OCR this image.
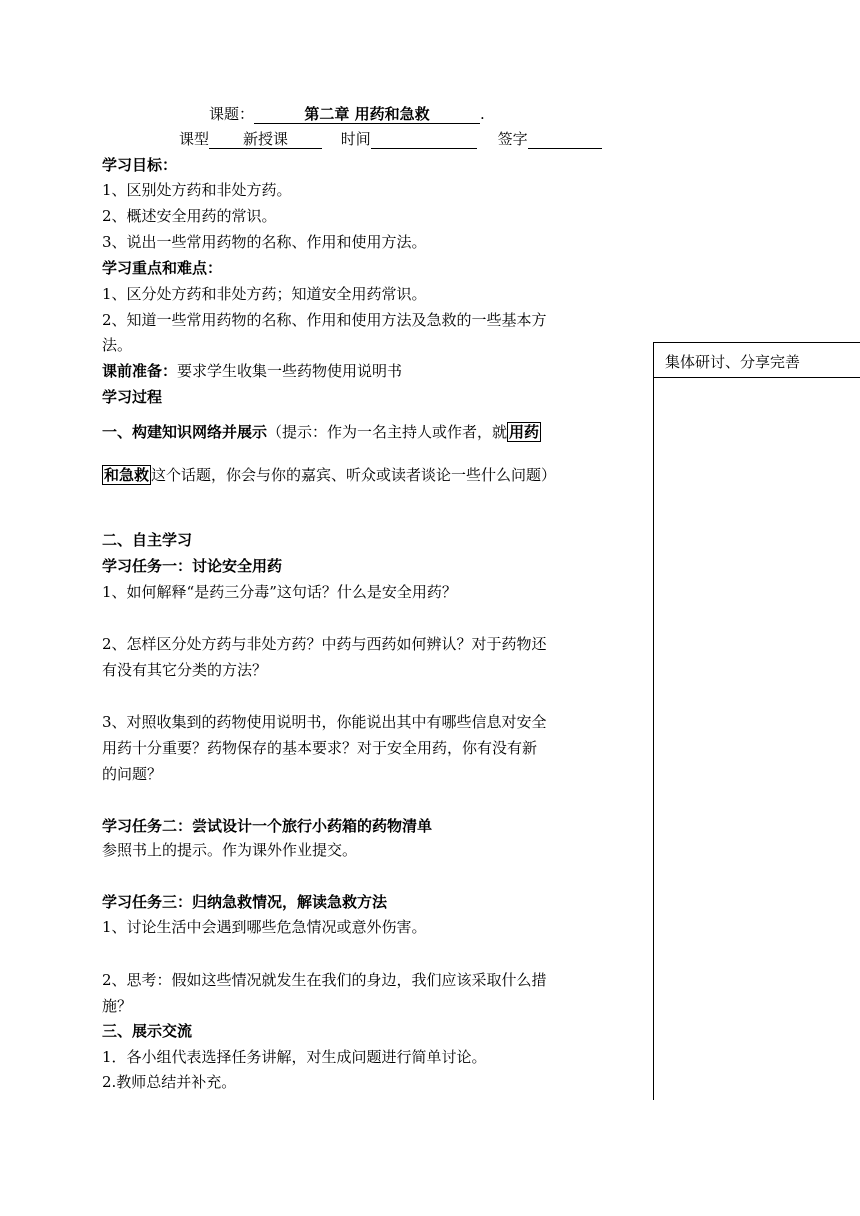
课题：	第二章 用药和急救	.
课型 新授课	时间	签字
学习目标：
1、区别处方药和非处方药。
2、概述安全用药的常识。
3、说出一些常用药物的名称、作用和使用方法。
学习重点和难点：
1、区分处方药和非处方药；知道安全用药常识。
2、知道一些常用药物的名称、作用和使用方法及急救的一些基本方
法。
课前准备：要求学生收集一些药物使用说明书
学习过程
一、构建知识网络并展示（提示：作为一名主持人或作者，就 用药
和急救 这个话题，你会与你的嘉宾、听众或读者谈论一些什么问题）
二、自主学习
学习任务一：讨论安全用药
1、如何解释“是药三分毒”这句话？什么是安全用药？
2、怎样区分处方药与非处方药？中药与西药如何辨认？对于药物还
有没有其它分类的方法？
3、对照收集到的药物使用说明书，你能说出其中有哪些信息对安全
用药十分重要？药物保存的基本要求？对于安全用药，你有没有新
的问题？
学习任务二：尝试设计一个旅行小药箱的药物清单
参照书上的提示。作为课外作业提交。
学习任务三：归纳急救情况，解读急救方法
1、讨论生活中会遇到哪些危急情况或意外伤害。
2、思考：假如这些情况就发生在我们的身边，我们应该采取什么措
施？
三、展示交流
1．各小组代表选择任务讲解，对生成问题进行简单讨论。
2.教师总结并补充。
集体研讨、分享完善
